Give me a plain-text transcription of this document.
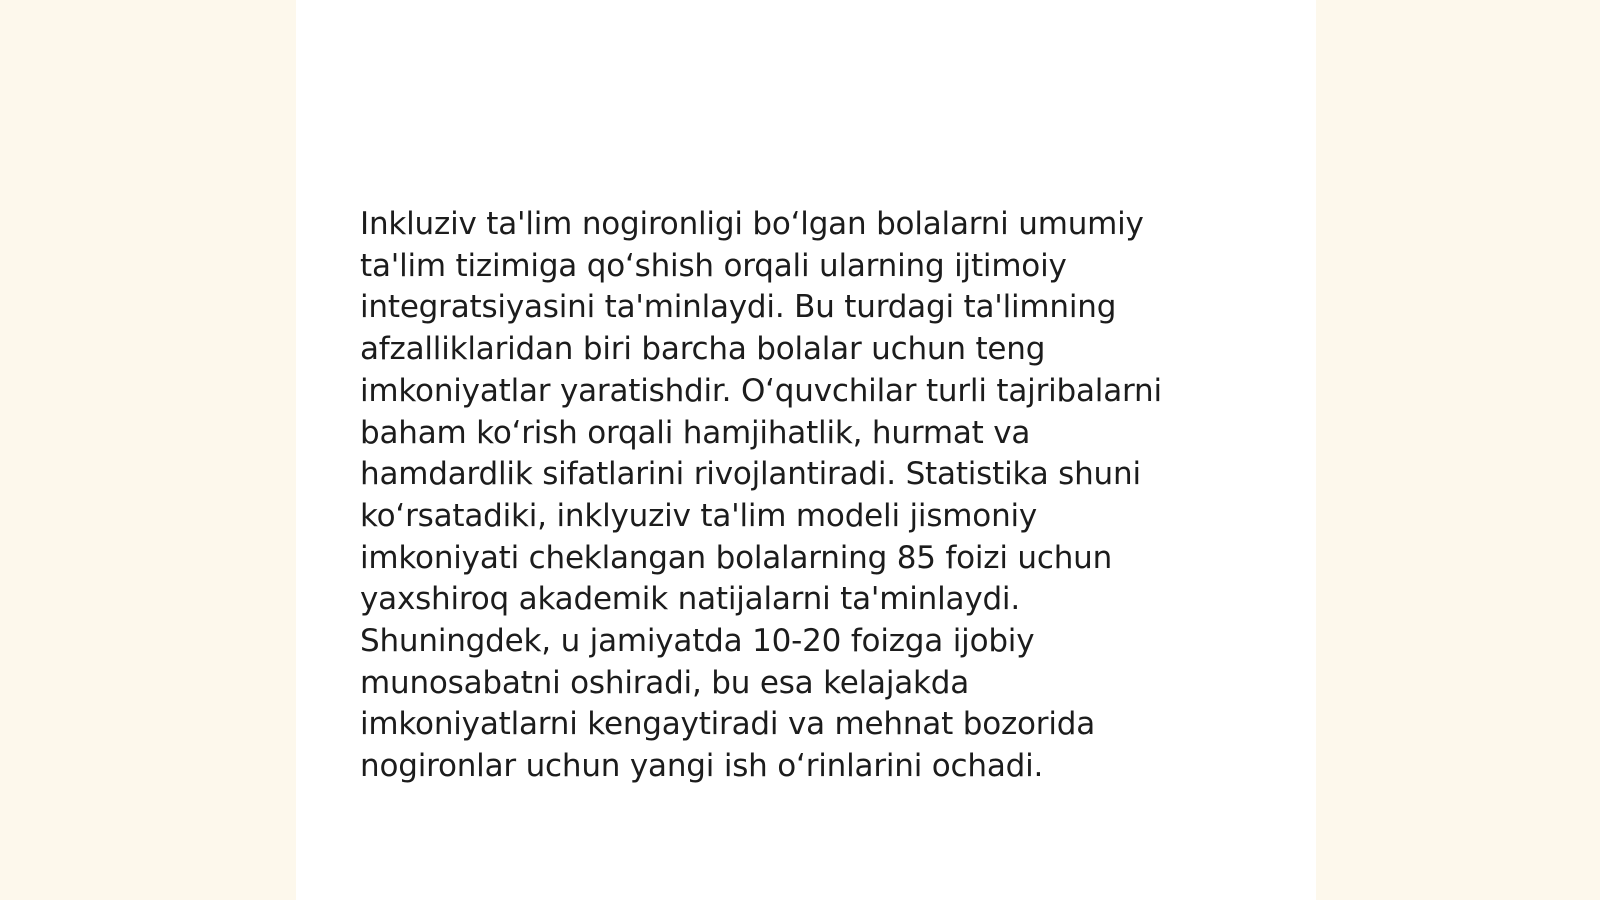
Inkluziv ta'lim nogironligi bo‘lgan bolalarni umumiy
ta'lim tizimiga qo‘shish orqali ularning ijtimoiy
integratsiyasini ta'minlaydi. Bu turdagi ta'limning
afzalliklaridan biri barcha bolalar uchun teng
imkoniyatlar yaratishdir. O‘quvchilar turli tajribalarni
baham ko‘rish orqali hamjihatlik, hurmat va
hamdardlik sifatlarini rivojlantiradi. Statistika shuni
ko‘rsatadiki, inklyuziv ta'lim modeli jismoniy
imkoniyati cheklangan bolalarning 85 foizi uchun
yaxshiroq akademik natijalarni ta'minlaydi.
Shuningdek, u jamiyatda 10-20 foizga ijobiy
munosabatni oshiradi, bu esa kelajakda
imkoniyatlarni kengaytiradi va mehnat bozorida
nogironlar uchun yangi ish o‘rinlarini ochadi.
